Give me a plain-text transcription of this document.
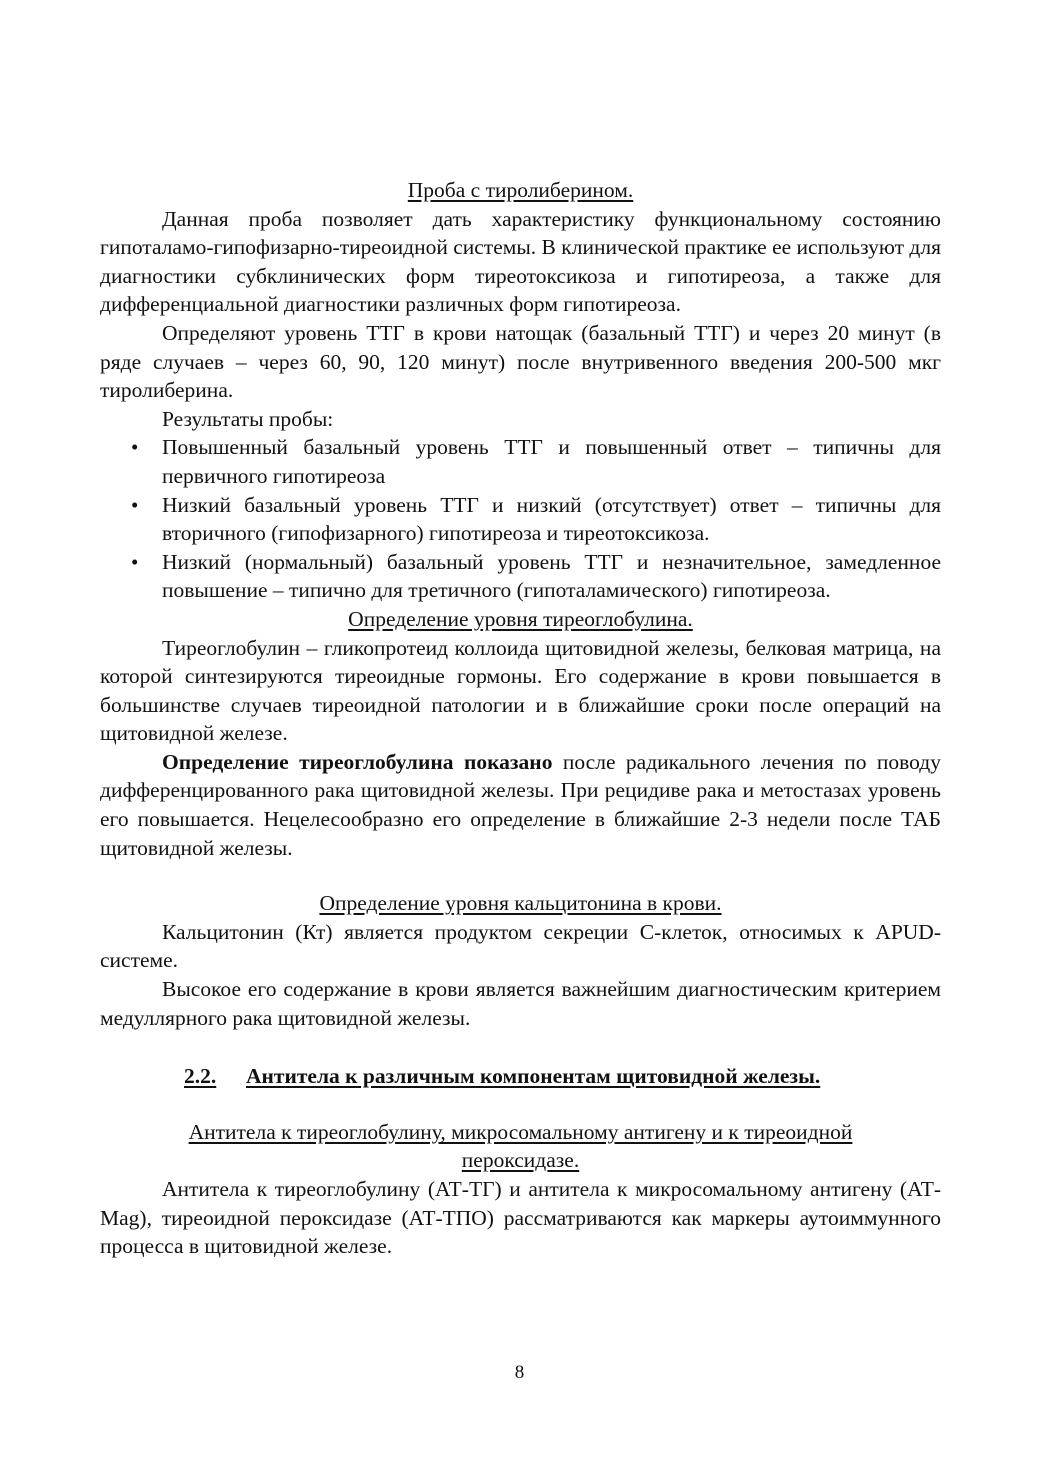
Проба с тиролиберином.

Данная проба позволяет дать характеристику функциональному состоянию гипоталамо-гипофизарно-тиреоидной системы. В клинической практике ее используют для диагностики субклинических форм тиреотоксикоза и гипотиреоза, а также для дифференциальной диагностики различных форм гипотиреоза.

Определяют уровень ТТГ в крови натощак (базальный ТТГ) и через 20 минут (в ряде случаев – через 60, 90, 120 минут) после внутривенного введения 200-500 мкг тиролиберина.

Результаты пробы:

• Повышенный базальный уровень ТТГ и повышенный ответ – типичны для первичного гипотиреоза
• Низкий базальный уровень ТТГ и низкий (отсутствует) ответ – типичны для вторичного (гипофизарного) гипотиреоза и тиреотоксикоза.
• Низкий (нормальный) базальный уровень ТТГ и незначительное, замедленное повышение – типично для третичного (гипоталамического) гипотиреоза.

Определение уровня тиреоглобулина.

Тиреоглобулин – гликопротеид коллоида щитовидной железы, белковая матрица, на которой синтезируются тиреоидные гормоны. Его содержание в крови повышается в большинстве случаев тиреоидной патологии и в ближайшие сроки после операций на щитовидной железе.

Определение тиреоглобулина показано после радикального лечения по поводу дифференцированного рака щитовидной железы. При рецидиве рака и метостазах уровень его повышается. Нецелесообразно его определение в ближайшие 2-3 недели после ТАБ щитовидной железы.

Определение уровня кальцитонина в крови.

Кальцитонин (Кт) является продуктом секреции С-клеток, относимых к APUD-системе.

Высокое его содержание в крови является важнейшим диагностическим критерием медуллярного рака щитовидной железы.

2.2.	Антитела к различным компонентам щитовидной железы.

Антитела к тиреоглобулину, микросомальному антигену и к тиреоидной

пероксидазе.

Антитела к тиреоглобулину (АТ-ТГ) и антитела к микросомальному антигену (АТ-Mag), тиреоидной пероксидазе (АТ-ТПО) рассматриваются как маркеры аутоиммунного процесса в щитовидной железе.

8
